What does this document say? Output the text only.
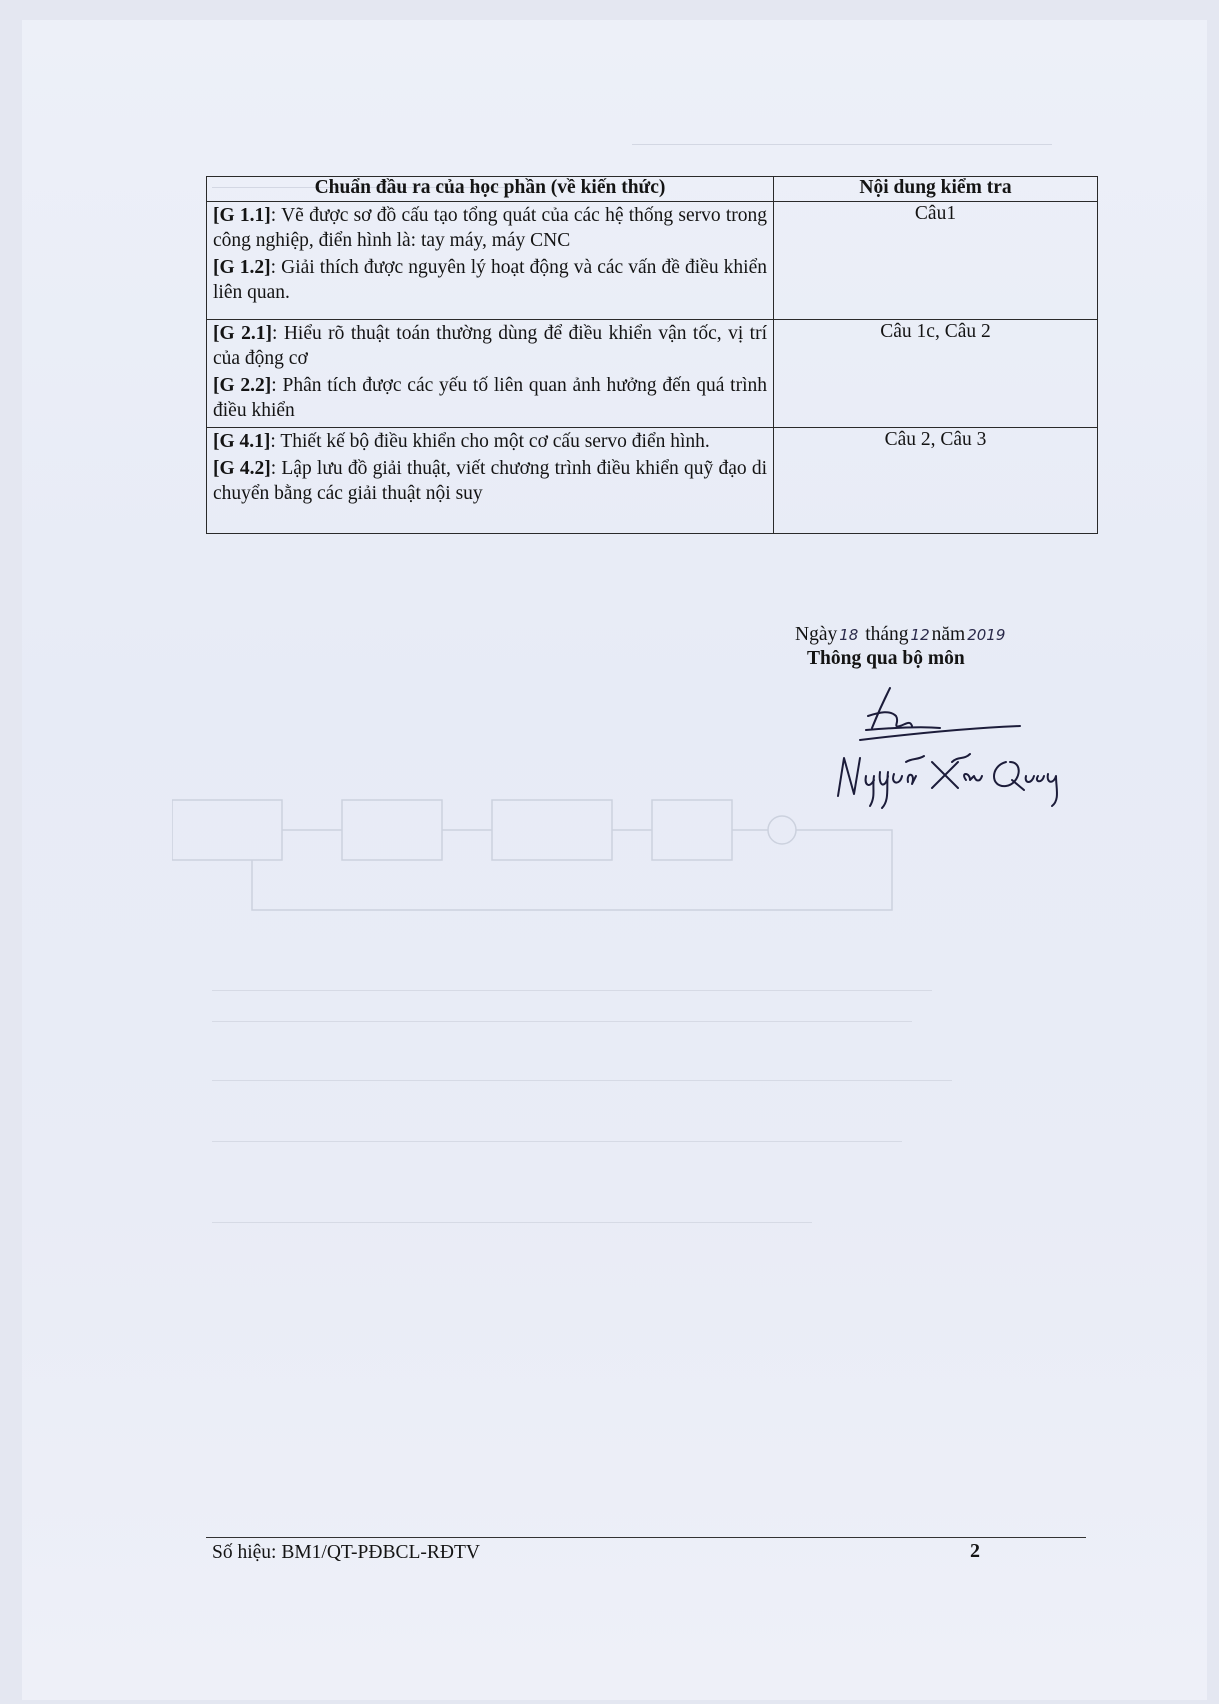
Chuẩn đầu ra của học phần (về kiến thức)	Nội dung kiểm tra

[G 1.1]: Vẽ được sơ đồ cấu tạo tổng quát của các hệ thống servo trong công nghiệp, điển hình là: tay máy, máy CNC

[G 1.2]: Giải thích được nguyên lý hoạt động và các vấn đề điều khiển liên quan.	Câu1

[G 2.1]: Hiểu rõ thuật toán thường dùng để điều khiển vận tốc, vị trí của động cơ

[G 2.2]: Phân tích được các yếu tố liên quan ảnh hưởng đến quá trình điều khiển	Câu 1c, Câu 2

[G 4.1]: Thiết kế bộ điều khiển cho một cơ cấu servo điển hình.

[G 4.2]: Lập lưu đồ giải thuật, viết chương trình điều khiển quỹ đạo di chuyển bằng các giải thuật nội suy	Câu 2, Câu 3
Ngày 18 tháng 12 năm 2019
Thông qua bộ môn
Số hiệu: BM1/QT-PĐBCL-RĐTV	2
